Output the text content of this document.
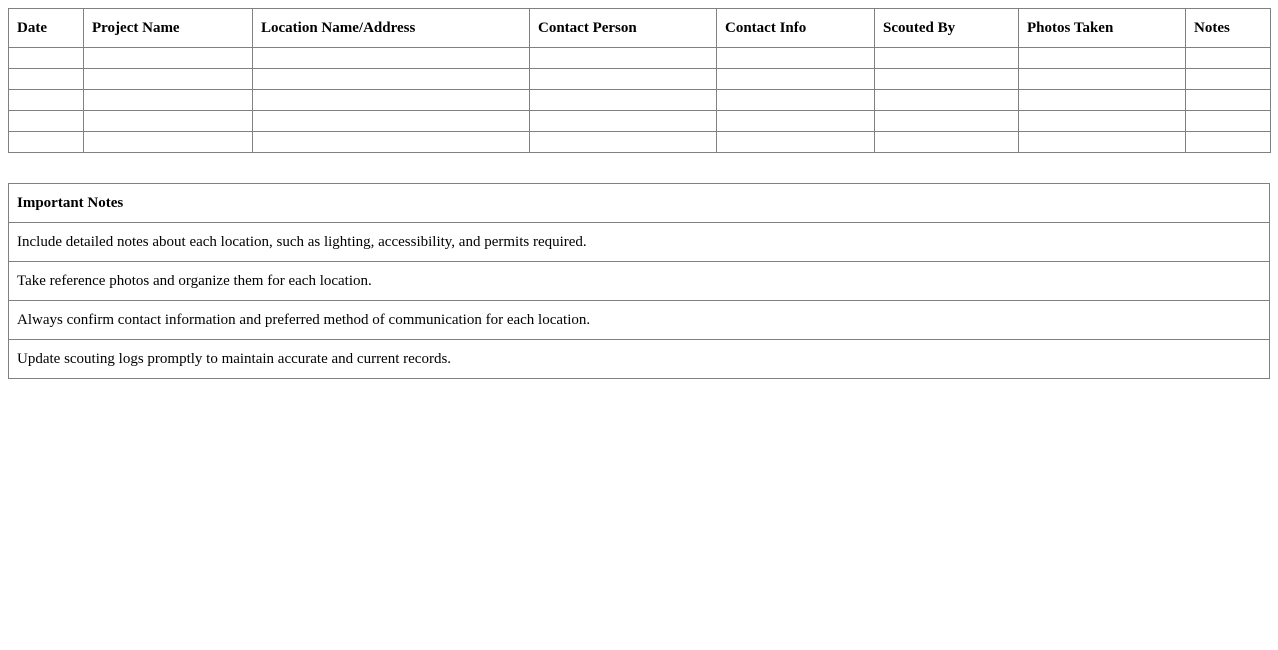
Date	Project Name	Location Name/Address	Contact Person	Contact Info	Scouted By	Photos Taken	Notes

Important Notes
Include detailed notes about each location, such as lighting, accessibility, and permits required.
Take reference photos and organize them for each location.
Always confirm contact information and preferred method of communication for each location.
Update scouting logs promptly to maintain accurate and current records.
